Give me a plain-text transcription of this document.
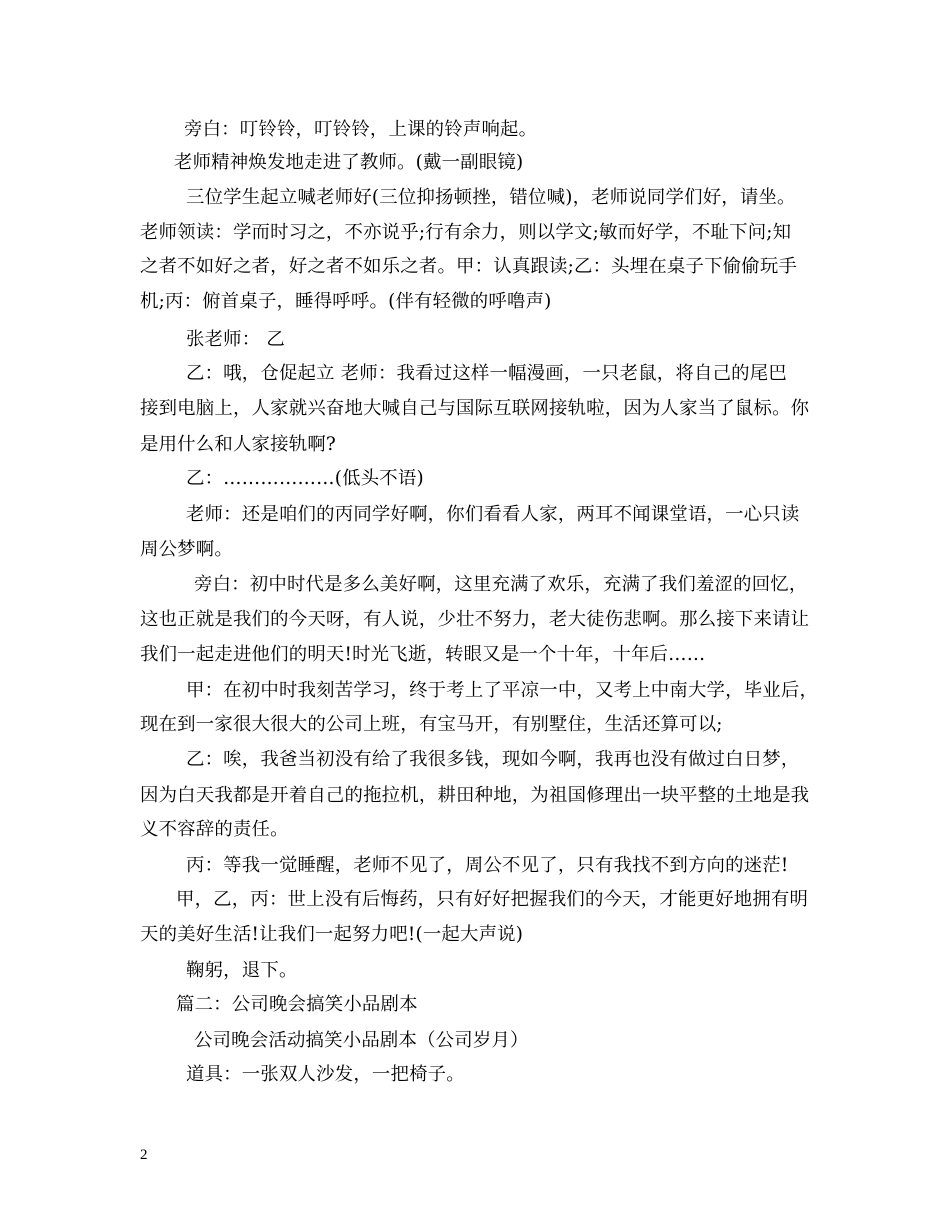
旁白：叮铃铃，叮铃铃，上课的铃声响起。
老师精神焕发地走进了教师。(戴一副眼镜)
三位学生起立喊老师好(三位抑扬顿挫，错位喊)，老师说同学们好，请坐。
老师领读：学而时习之，不亦说乎;行有余力，则以学文;敏而好学，不耻下问;知
之者不如好之者，好之者不如乐之者。甲：认真跟读;乙：头埋在桌子下偷偷玩手
机;丙：俯首桌子，睡得呼呼。(伴有轻微的呼噜声)
张老师： 乙
乙：哦，仓促起立 老师：我看过这样一幅漫画，一只老鼠，将自己的尾巴
接到电脑上，人家就兴奋地大喊自己与国际互联网接轨啦，因为人家当了鼠标。你
是用什么和人家接轨啊?
乙：………………(低头不语)
老师：还是咱们的丙同学好啊，你们看看人家，两耳不闻课堂语，一心只读
周公梦啊。
旁白：初中时代是多么美好啊，这里充满了欢乐，充满了我们羞涩的回忆，
这也正就是我们的今天呀，有人说，少壮不努力，老大徒伤悲啊。那么接下来请让
我们一起走进他们的明天!时光飞逝，转眼又是一个十年，十年后……
甲：在初中时我刻苦学习，终于考上了平凉一中，又考上中南大学，毕业后，
现在到一家很大很大的公司上班，有宝马开，有别墅住，生活还算可以;
乙：唉，我爸当初没有给了我很多钱，现如今啊，我再也没有做过白日梦，
因为白天我都是开着自己的拖拉机，耕田种地，为祖国修理出一块平整的土地是我
义不容辞的责任。
丙：等我一觉睡醒，老师不见了，周公不见了，只有我找不到方向的迷茫!
甲，乙，丙：世上没有后悔药，只有好好把握我们的今天，才能更好地拥有明
天的美好生活!让我们一起努力吧!(一起大声说)
鞠躬，退下。
篇二：公司晚会搞笑小品剧本
公司晚会活动搞笑小品剧本（公司岁月）
道具：一张双人沙发，一把椅子。
2
